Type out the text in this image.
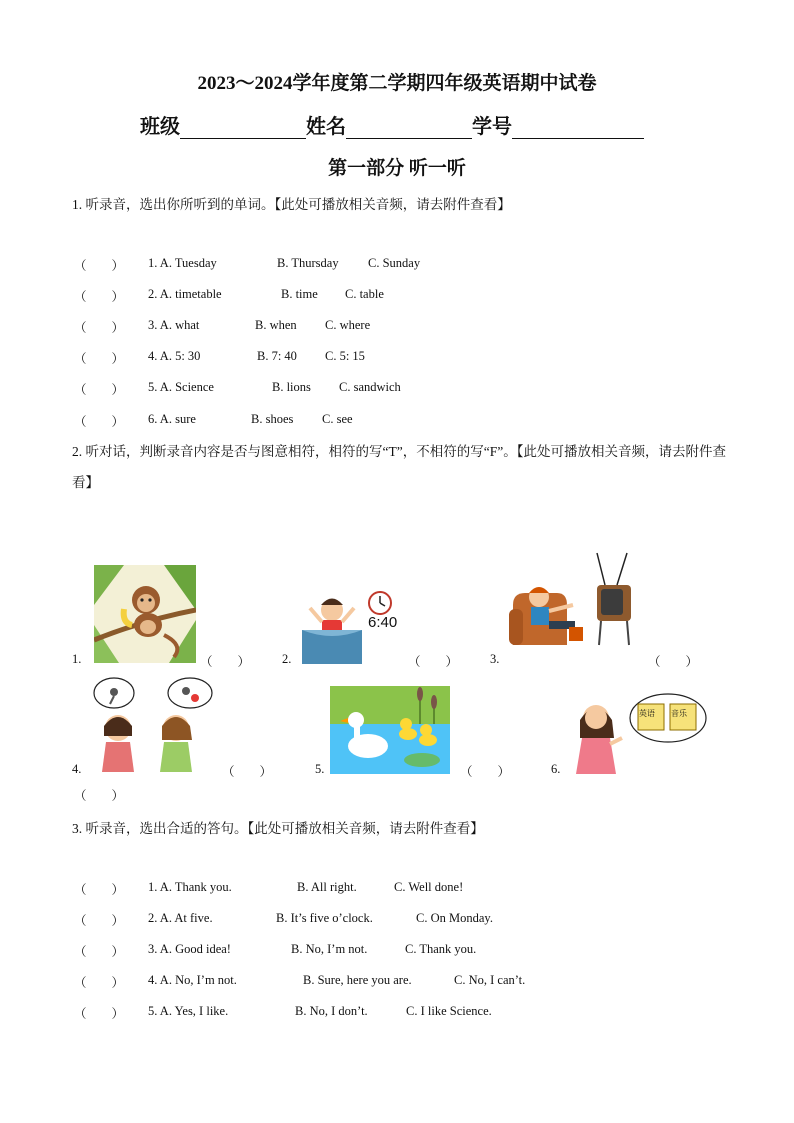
2023～2024学年度第二学期四年级英语期中试卷
班级	姓名	学号
第一部分 听一听
1. 听录音，选出你所听到的单词。【此处可播放相关音频，请去附件查看】
（　　） 1. A. Tuesday	B. Thursday C. Sunday
（　　） 2. A. timetable	B. time C. table
（　　） 3. A. what	B. when C. where
（　　） 4. A. 5: 30	B. 7: 40 C. 5: 15
（　　） 5. A. Science	B. lions C. sandwich
（　　） 6. A. sure	B. shoes C. see
2. 听对话，判断录音内容是否与图意相符，相符的写“T”，不相符的写“F”。【此处可播放相关音频，请去附件查看】
1.	（　　）
6:40
2.	（　　）	3.	（　　）
4.	（　　）	5.	（　　）
英语 音乐
6.
（　　）
3. 听录音，选出合适的答句。【此处可播放相关音频，请去附件查看】
（　　） 1. A. Thank you.	B. All right.	C. Well done!
（　　） 2. A. At five.	B. It’s five o’clock.	C. On Monday.
（　　） 3. A. Good idea!	B. No, I’m not.	C. Thank you.
（　　） 4. A. No, I’m not.	B. Sure, here you are.	C. No, I can’t.
（　　） 5. A. Yes, I like.	B. No, I don’t.	C. I like Science.
